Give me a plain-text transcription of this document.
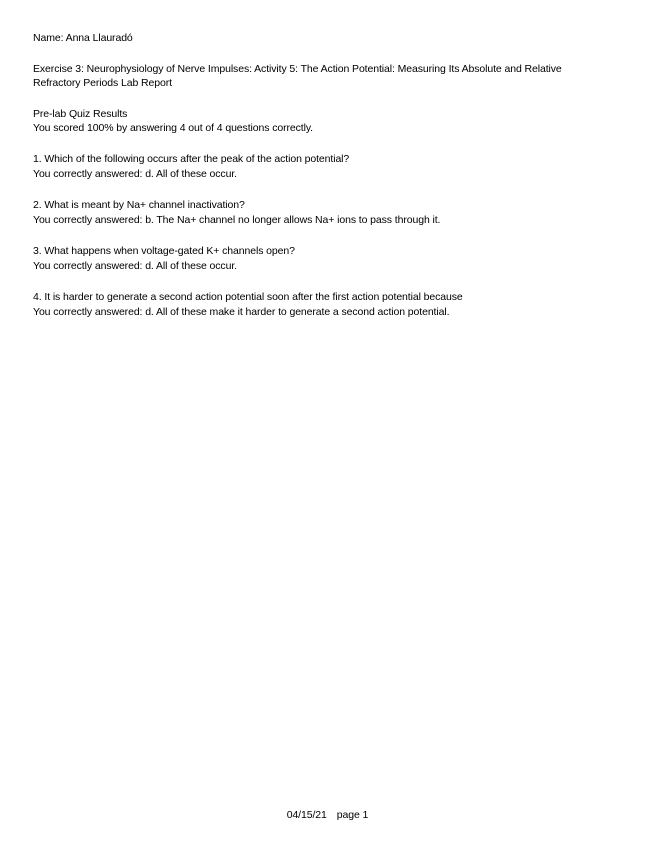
Name: Anna Llauradó
Exercise 3: Neurophysiology of Nerve Impulses: Activity 5: The Action Potential: Measuring Its Absolute and Relative
Refractory Periods Lab Report
Pre-lab Quiz Results
You scored 100% by answering 4 out of 4 questions correctly.
1. Which of the following occurs after the peak of the action potential?
You correctly answered: d. All of these occur.
2. What is meant by Na+ channel inactivation?
You correctly answered: b. The Na+ channel no longer allows Na+ ions to pass through it.
3. What happens when voltage-gated K+ channels open?
You correctly answered: d. All of these occur.
4. It is harder to generate a second action potential soon after the first action potential because
You correctly answered: d. All of these make it harder to generate a second action potential.
04/15/21 page 1
